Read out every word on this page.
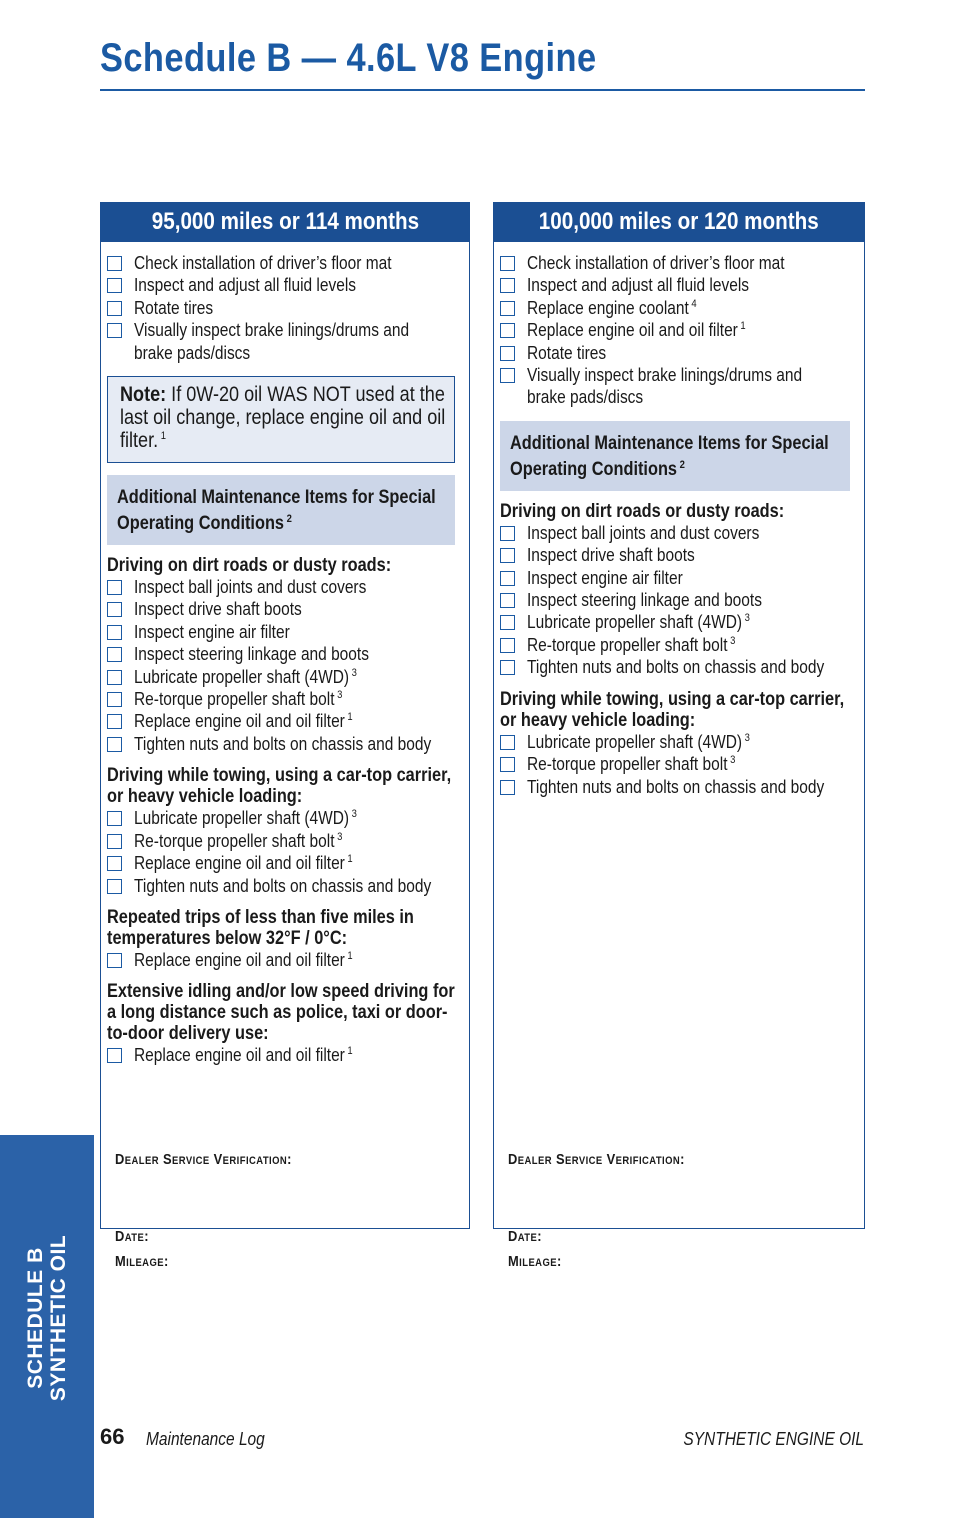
Schedule B — 4.6L V8 Engine
95,000 miles or 114 months
Check installation of driver’s floor mat
Inspect and adjust all fluid levels
Rotate tires
Visually inspect brake linings/drums and brake pads/discs
Note: If 0W-20 oil WAS NOT used at the last oil change, replace engine oil and oil filter. $^1$
Additional Maintenance Items for Special Operating Conditions $^2$
Driving on dirt roads or dusty roads:
Inspect ball joints and dust covers
Inspect drive shaft boots
Inspect engine air filter
Inspect steering linkage and boots
Lubricate propeller shaft (4WD) $^3$
Re-torque propeller shaft bolt $^3$
Replace engine oil and oil filter $^1$
Tighten nuts and bolts on chassis and body
Driving while towing, using a car-top carrier, or heavy vehicle loading:
Lubricate propeller shaft (4WD) $^3$
Re-torque propeller shaft bolt $^3$
Replace engine oil and oil filter $^1$
Tighten nuts and bolts on chassis and body
Repeated trips of less than five miles in temperatures below 32°F / 0°C:
Replace engine oil and oil filter $^1$
Extensive idling and/or low speed driving for a long distance such as police, taxi or door-to-door delivery use:
Replace engine oil and oil filter $^1$
Dealer Service Verification:
Date:
Mileage:
100,000 miles or 120 months
Check installation of driver’s floor mat
Inspect and adjust all fluid levels
Replace engine coolant $^4$
Replace engine oil and oil filter $^1$
Rotate tires
Visually inspect brake linings/drums and brake pads/discs
Additional Maintenance Items for Special Operating Conditions $^2$
Driving on dirt roads or dusty roads:
Inspect ball joints and dust covers
Inspect drive shaft boots
Inspect engine air filter
Inspect steering linkage and boots
Lubricate propeller shaft (4WD) $^3$
Re-torque propeller shaft bolt $^3$
Tighten nuts and bolts on chassis and body
Driving while towing, using a car-top carrier, or heavy vehicle loading:
Lubricate propeller shaft (4WD) $^3$
Re-torque propeller shaft bolt $^3$
Tighten nuts and bolts on chassis and body
Dealer Service Verification:
Date:
Mileage:
SCHEDULE B SYNTHETIC OIL
66 Maintenance Log	SYNTHETIC ENGINE OIL
